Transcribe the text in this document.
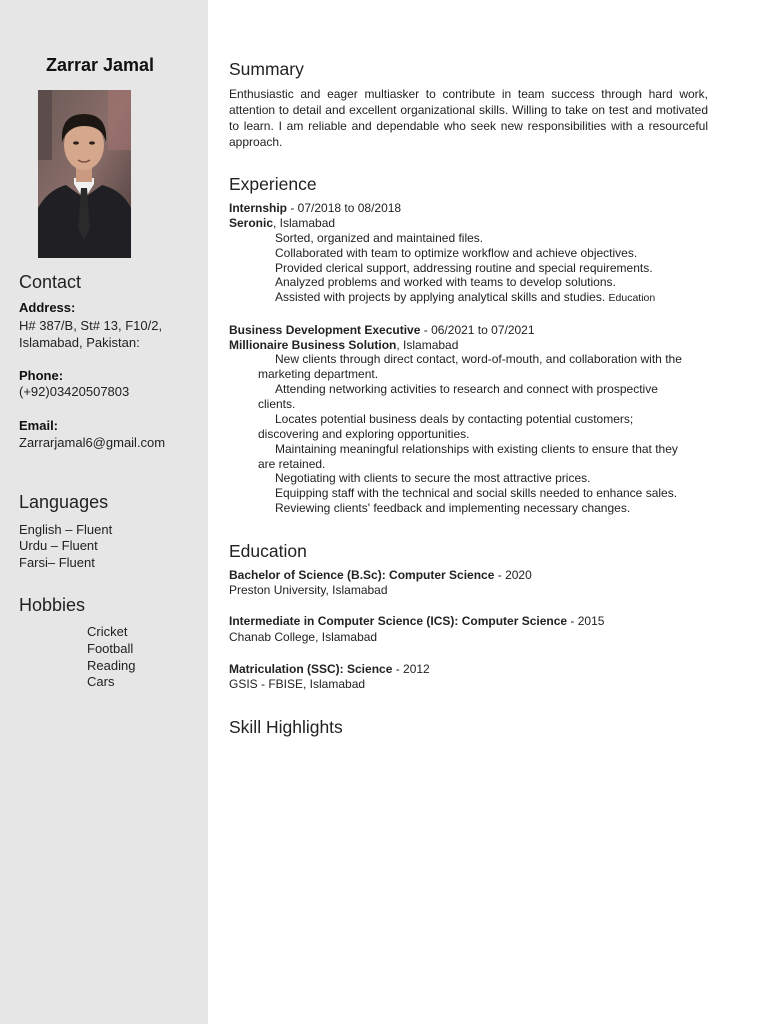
Zarrar Jamal
Contact
Address:
H# 387/B, St# 13, F10/2,
Islamabad, Pakistan:
Phone:
(+92)03420507803
Email:
Zarrarjamal6@gmail.com
Languages
English – Fluent
Urdu – Fluent
Farsi– Fluent
Hobbies
Cricket
Football
Reading
Cars
Summary
Enthusiastic and eager multiasker to contribute in team success through hard work, attention to detail and excellent organizational skills. Willing to take on test and motivated to learn. I am reliable and dependable who seek new responsibilities with a resourceful approach.
Experience
Internship - 07/2018 to 08/2018
Seronic, Islamabad
Sorted, organized and maintained files.
Collaborated with team to optimize workflow and achieve objectives.
Provided clerical support, addressing routine and special requirements.
Analyzed problems and worked with teams to develop solutions.
Assisted with projects by applying analytical skills and studies. Education
Business Development Executive - 06/2021 to 07/2021
Millionaire Business Solution, Islamabad
New clients through direct contact, word-of-mouth, and collaboration with the
marketing department.
Attending networking activities to research and connect with prospective
clients.
Locates potential business deals by contacting potential customers;
discovering and exploring opportunities.
Maintaining meaningful relationships with existing clients to ensure that they
are retained.
Negotiating with clients to secure the most attractive prices.
Equipping staff with the technical and social skills needed to enhance sales.
Reviewing clients' feedback and implementing necessary changes.
Education
Bachelor of Science (B.Sc): Computer Science - 2020
Preston University, Islamabad
Intermediate in Computer Science (ICS): Computer Science - 2015
Chanab College, Islamabad
Matriculation (SSC): Science - 2012
GSIS - FBISE, Islamabad
Skill Highlights
